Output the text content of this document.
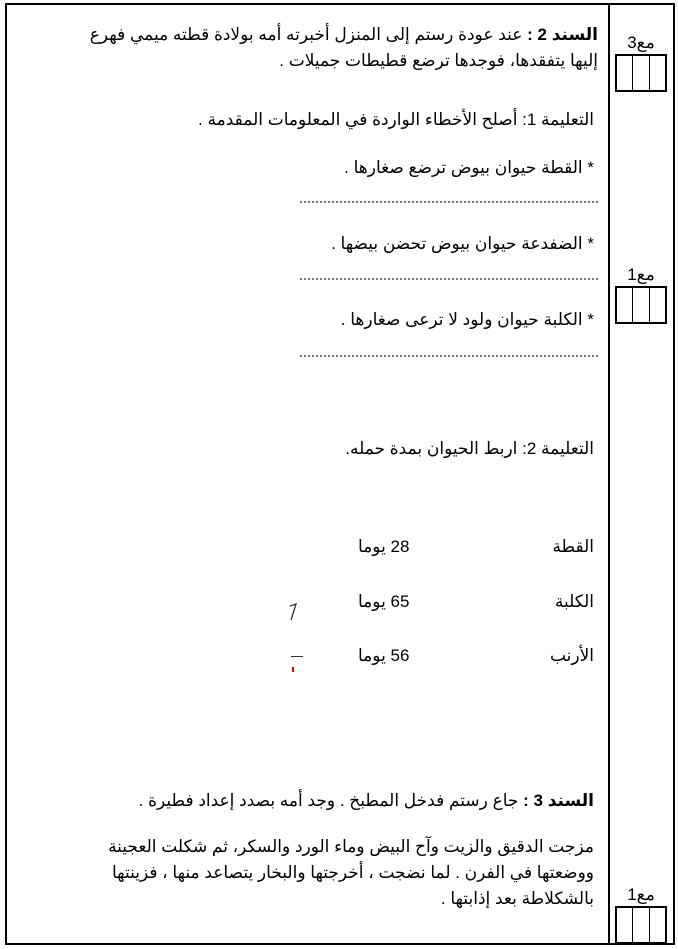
السند 2 : عند عودة رستم إلى المنزل أخبرته أمه بولادة قطته ميمي فهرع
إليها يتفقدها، فوجدها ترضع قطيطات جميلات .
التعليمة 1: أصلح الأخطاء الواردة في المعلومات المقدمة .
* القطة حيوان بيوض ترضع صغارها .
* الضفدعة حيوان بيوض تحضن بيضها .
* الكلبة حيوان ولود لا ترعى صغارها .
التعليمة 2: اربط الحيوان بمدة حمله.
القطة
28 يوما
الكلبة
65 يوما
الأرنب
56 يوما
السند 3 : جاع رستم فدخل المطبخ . وجد أمه بصدد إعداد فطيرة .
مزجت الدقيق والزيت وآح البيض وماء الورد والسكر، ثم شكلت العجينة
ووضعتها في الفرن . لما نضجت ، أخرجتها والبخار يتصاعد منها ، فزينتها
بالشكلاطة بعد إذابتها .
مع3
مع1
مع1
